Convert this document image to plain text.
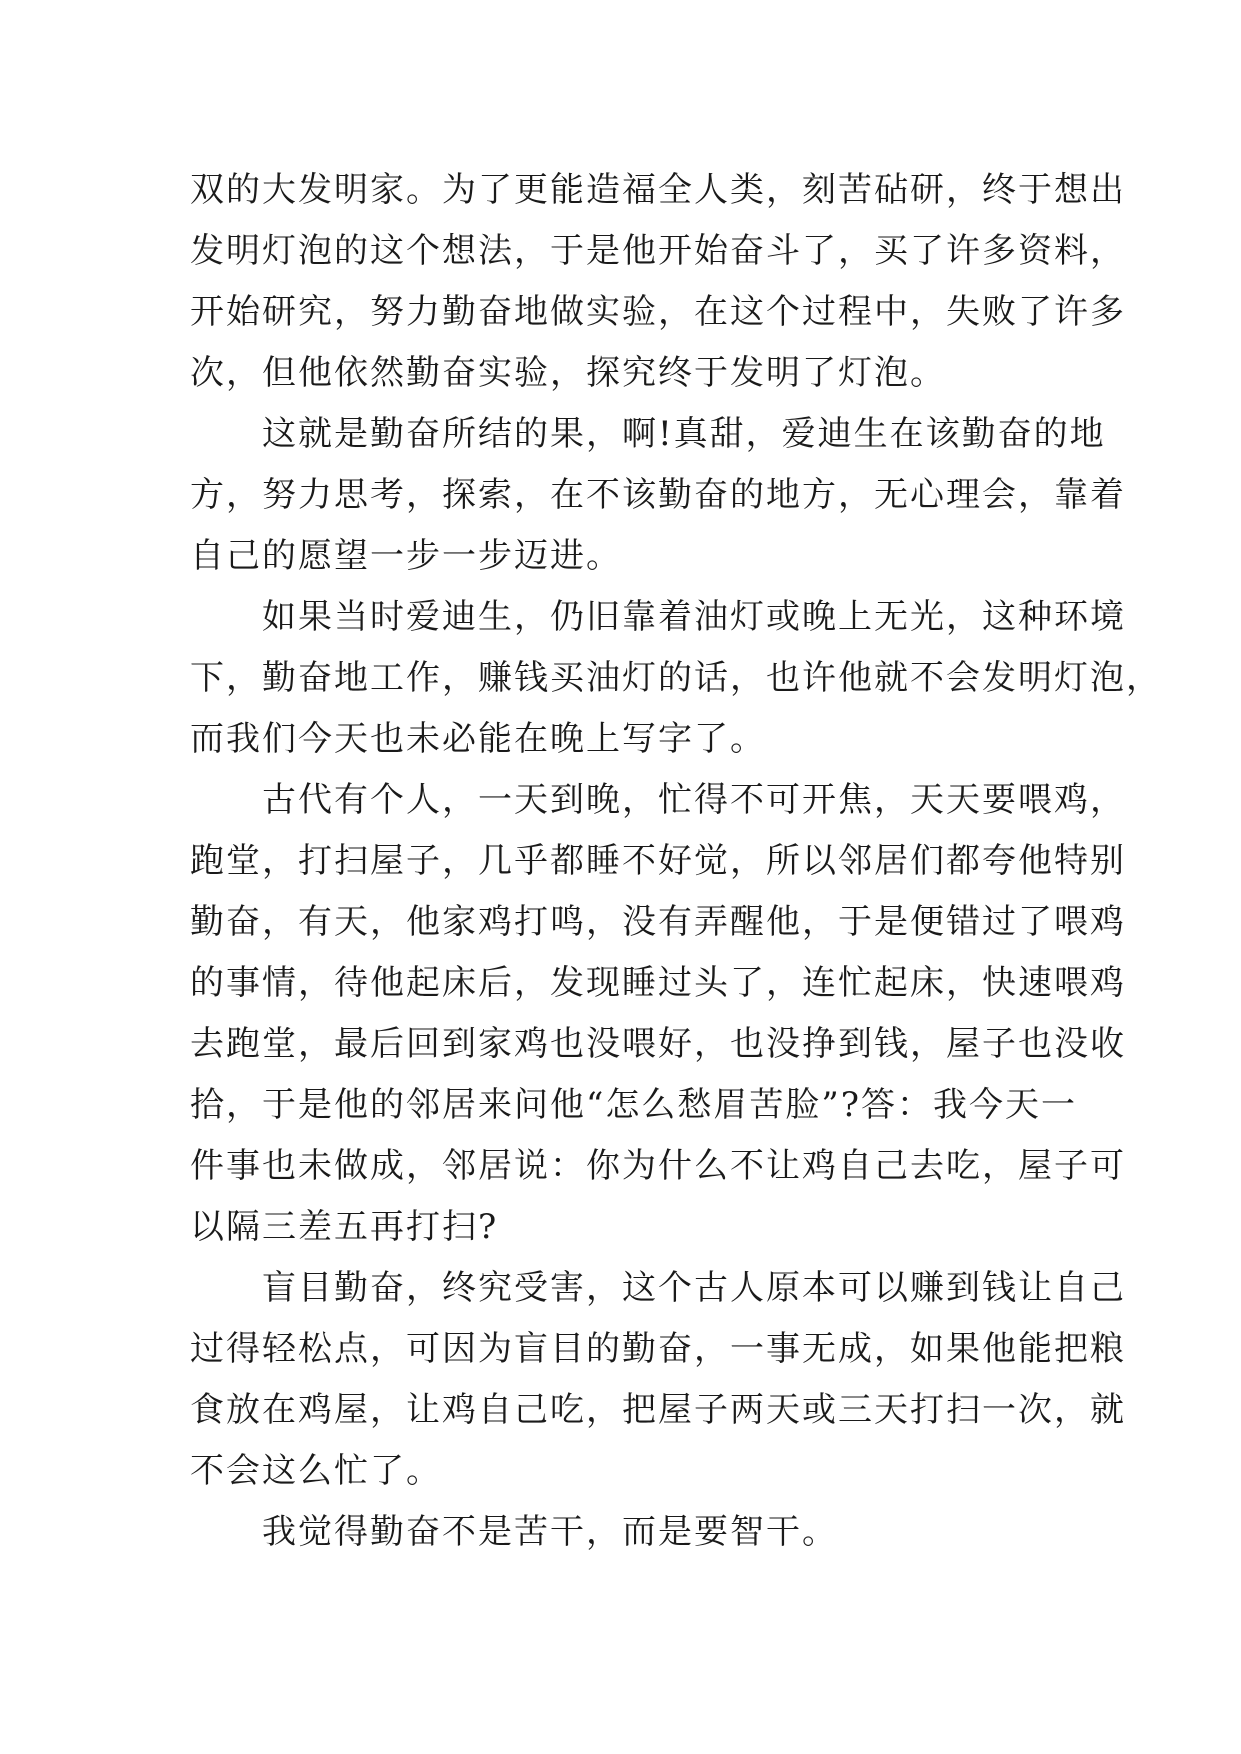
双的大发明家。为了更能造福全人类，刻苦砧研，终于想出
发明灯泡的这个想法，于是他开始奋斗了，买了许多资料，
开始研究，努力勤奋地做实验，在这个过程中，失败了许多
次，但他依然勤奋实验，探究终于发明了灯泡。
　　这就是勤奋所结的果，啊!真甜，爱迪生在该勤奋的地
方，努力思考，探索，在不该勤奋的地方，无心理会，靠着
自己的愿望一步一步迈进。
　　如果当时爱迪生，仍旧靠着油灯或晚上无光，这种环境
下，勤奋地工作，赚钱买油灯的话，也许他就不会发明灯泡，
而我们今天也未必能在晚上写字了。
　　古代有个人，一天到晚，忙得不可开焦，天天要喂鸡，
跑堂，打扫屋子，几乎都睡不好觉，所以邻居们都夸他特别
勤奋，有天，他家鸡打鸣，没有弄醒他，于是便错过了喂鸡
的事情，待他起床后，发现睡过头了，连忙起床，快速喂鸡
去跑堂，最后回到家鸡也没喂好，也没挣到钱，屋子也没收
拾，于是他的邻居来问他“怎么愁眉苦脸”?答：我今天一
件事也未做成，邻居说：你为什么不让鸡自己去吃，屋子可
以隔三差五再打扫?
　　盲目勤奋，终究受害，这个古人原本可以赚到钱让自己
过得轻松点，可因为盲目的勤奋，一事无成，如果他能把粮
食放在鸡屋，让鸡自己吃，把屋子两天或三天打扫一次，就
不会这么忙了。
　　我觉得勤奋不是苦干，而是要智干。
